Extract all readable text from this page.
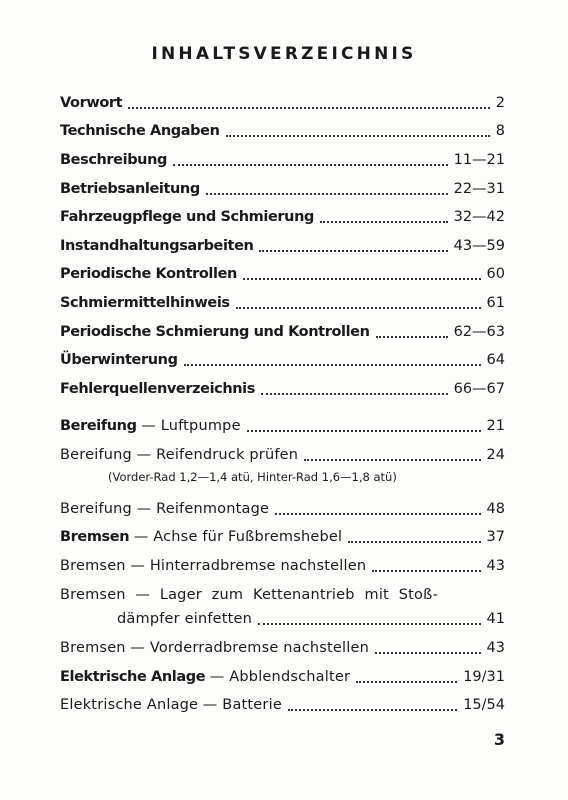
INHALTSVERZEICHNIS
Vorwort	2
Technische Angaben	8
Beschreibung	11—21
Betriebsanleitung	22—31
Fahrzeugpflege und Schmierung	32—42
Instandhaltungsarbeiten	43—59
Periodische Kontrollen	60
Schmiermittelhinweis	61
Periodische Schmierung und Kontrollen	62—63
Überwinterung	64
Fehlerquellenverzeichnis	66—67
Bereifung — Luftpumpe	21
Bereifung — Reifendruck prüfen	24
Bereifung — Reifenmontage	48
Bremsen — Achse für Fußbremshebel	37
Bremsen — Hinterradbremse nachstellen	43
Bremsen — Lager zum Kettenantrieb mit Stoß-
dämpfer einfetten	41
Bremsen — Vorderradbremse nachstellen	43
Elektrische Anlage — Abblendschalter	19/31
Elektrische Anlage — Batterie	15/54
(Vorder-Rad 1,2—1,4 atü, Hinter-Rad 1,6—1,8 atü)
3
